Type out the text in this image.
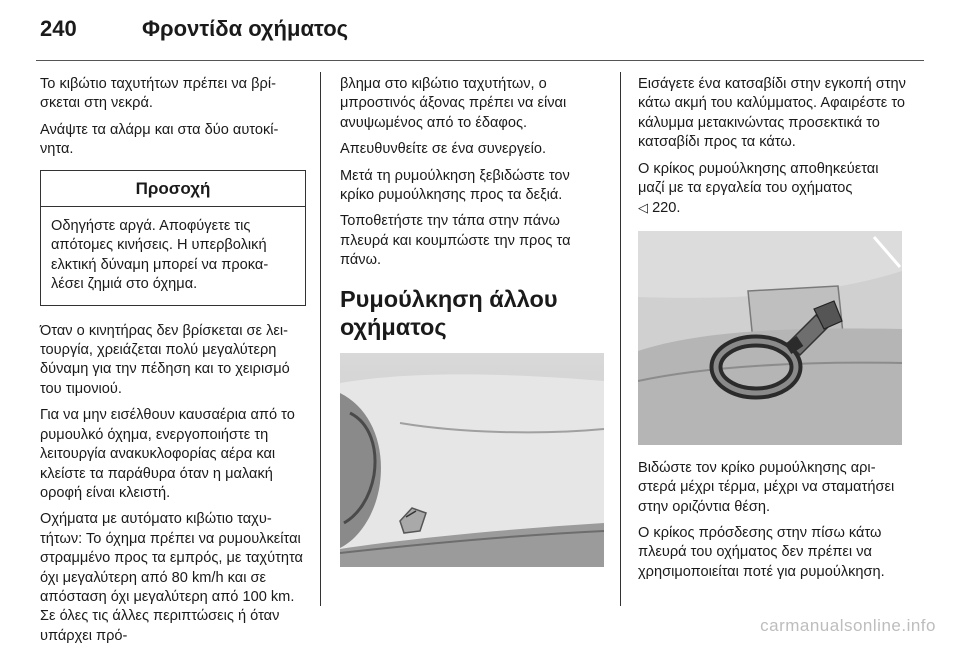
240	Φροντίδα οχήματος

Το κιβώτιο ταχυτήτων πρέπει να βρίσκεται στη νεκρά.

Ανάψτε τα αλάρμ και στα δύο αυτοκίνητα.

Προσοχή
Οδηγήστε αργά. Αποφύγετε τις απότομες κινήσεις. Η υπερβολική ελκτική δύναμη μπορεί να προκαλέσει ζημιά στο όχημα.

Όταν ο κινητήρας δεν βρίσκεται σε λειτουργία, χρειάζεται πολύ μεγαλύτερη δύναμη για την πέδηση και το χειρισμό του τιμονιού.

Για να μην εισέλθουν καυσαέρια από το ρυμουλκό όχημα, ενεργοποιήστε τη λειτουργία ανακυκλοφορίας αέρα και κλείστε τα παράθυρα όταν η μαλακή οροφή είναι κλειστή.

Οχήματα με αυτόματο κιβώτιο ταχυτήτων: Το όχημα πρέπει να ρυμουλκείται στραμμένο προς τα εμπρός, με ταχύτητα όχι μεγαλύτερη από 80 km/h και σε απόσταση όχι μεγαλύτερη από 100 km. Σε όλες τις άλλες περιπτώσεις ή όταν υπάρχει πρό-

βλημα στο κιβώτιο ταχυτήτων, ο μπροστινός άξονας πρέπει να είναι ανυψωμένος από το έδαφος.

Απευθυνθείτε σε ένα συνεργείο.

Μετά τη ρυμούλκηση ξεβιδώστε τον κρίκο ρυμούλκησης προς τα δεξιά.

Τοποθετήστε την τάπα στην πάνω πλευρά και κουμπώστε την προς τα πάνω.

Ρυμούλκηση άλλου οχήματος

Εισάγετε ένα κατσαβίδι στην εγκοπή στην κάτω ακμή του καλύμματος. Αφαιρέστε το κάλυμμα μετακινώντας προσεκτικά το κατσαβίδι προς τα κάτω.

Ο κρίκος ρυμούλκησης αποθηκεύεται μαζί με τα εργαλεία του οχήματος
◁ 220.

Βιδώστε τον κρίκο ρυμούλκησης αριστερά μέχρι τέρμα, μέχρι να σταματήσει στην οριζόντια θέση.

Ο κρίκος πρόσδεσης στην πίσω κάτω πλευρά του οχήματος δεν πρέπει να χρησιμοποιείται ποτέ για ρυμούλκηση.

carmanualsonline.info
